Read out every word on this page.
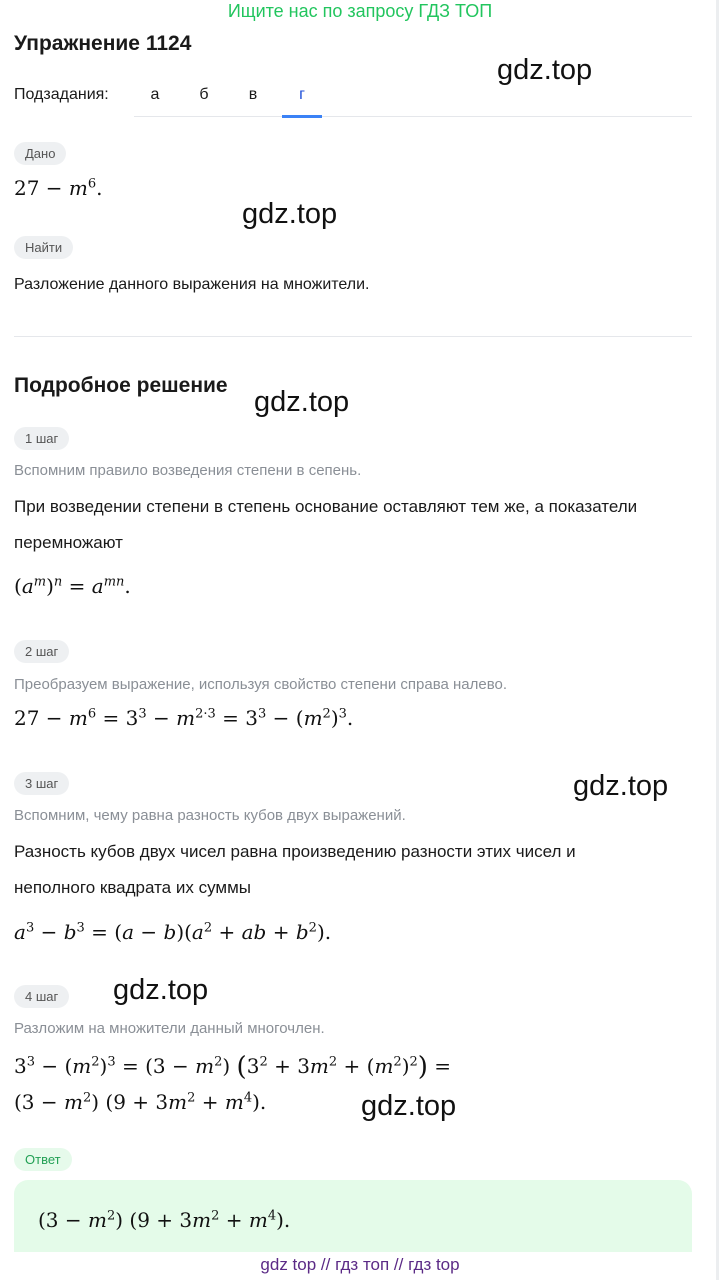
Ищите нас по запросу ГДЗ ТОП
Упражнение 1124
gdz.top
Подзадания:	а	б	в	г
Дано
$27 - m^6$.
gdz.top
Найти
Разложение данного выражения на множители.
Подробное решение
gdz.top
1 шаг
Вспомним правило возведения степени в сепень.
При возведении степени в степень основание оставляют тем же, а показатели
перемножают
$(a^m)^n = a^{mn}$.
2 шаг
Преобразуем выражение, используя свойство степени справа налево.
$27 - m^6 = 3^3 - m^{2\cdot 3} = 3^3 - (m^2)^3$.
3 шаг	gdz.top
Вспомним, чему равна разность кубов двух выражений.
Разность кубов двух чисел равна произведению разности этих чисел и
неполного квадрата их суммы
$a^3 - b^3 = (a - b)(a^2$ + ab + $b^2$).
4 шаг	gdz.top
Разложим на множители данный многочлен.
$3^3 - (m^2)^3 = (3 - m^2) (3^2 + 3m^2 + (m^2)^2)$ =
$(3 - m^2)$ $(9 + 3m^2 + m^4)$.	gdz.top
Ответ
$(3 - m^2)$ $(9 + 3m^2 + m^4)$.
gdz top // гдз топ // гдз top
